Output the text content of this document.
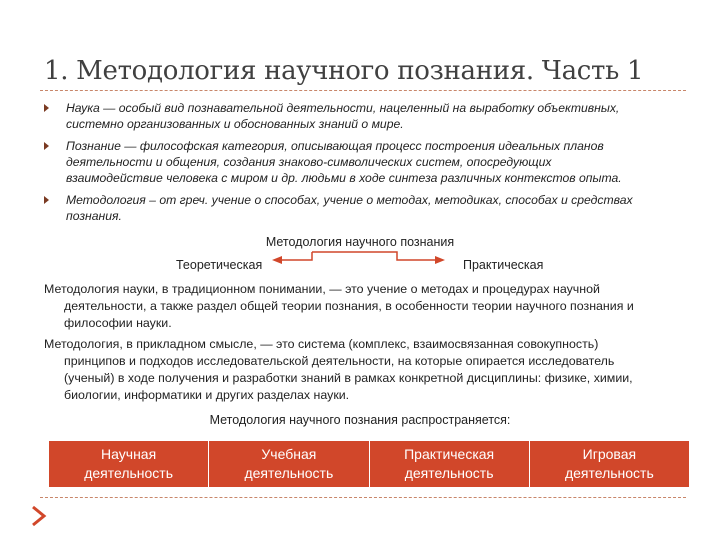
1. Методология научного познания. Часть 1
Наука — особый вид познавательной деятельности, нацеленный на выработку объективных,
системно организованных и обоснованных знаний о мире.
Познание — философская категория, описывающая процесс построения идеальных планов
деятельности и общения, создания знаково-символических систем, опосредующих
взаимодействие человека с миром и др. людьми в ходе синтеза различных контекстов опыта.
Методология – от греч. учение о способах, учение о методах, методиках, способах и средствах
познания.
Методология научного познания
Теоретическая	Практическая
Методология науки, в традиционном понимании, — это учение о методах и процедурах научной
деятельности, а также раздел общей теории познания, в особенности теории научного познания и
философии науки.
Методология, в прикладном смысле, — это система (комплекс, взаимосвязанная совокупность)
принципов и подходов исследовательской деятельности, на которые опирается исследователь
(ученый) в ходе получения и разработки знаний в рамках конкретной дисциплины: физике, химии,
биологии, информатики и других разделах науки.
Методология научного познания распространяется:
Научная
деятельность
Учебная
деятельность
Практическая
деятельность
Игровая
деятельность
